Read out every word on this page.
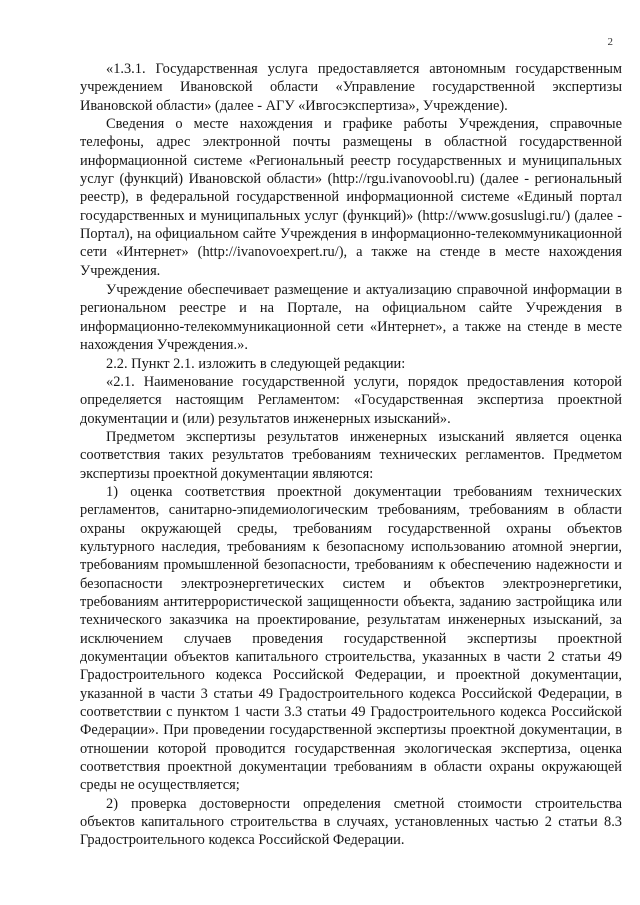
2

«1.3.1. Государственная услуга предоставляется автономным государственным учреждением Ивановской области «Управление государственной экспертизы Ивановской области» (далее - АГУ «Ивгосэкспертиза», Учреждение).

Сведения о месте нахождения и графике работы Учреждения, справочные телефоны, адрес электронной почты размещены в областной государственной информационной системе «Региональный реестр государственных и муниципальных услуг (функций) Ивановской области» (http://rgu.ivanovoobl.ru) (далее - региональный реестр), в федеральной государственной информационной системе «Единый портал государственных и муниципальных услуг (функций)» (http://www.gosuslugi.ru/) (далее - Портал), на официальном сайте Учреждения в информационно-телекоммуникационной сети «Интернет» (http://ivanovoexpert.ru/), а также на стенде в месте нахождения Учреждения.

Учреждение обеспечивает размещение и актуализацию справочной информации в региональном реестре и на Портале, на официальном сайте Учреждения в информационно-телекоммуникационной сети «Интернет», а также на стенде в месте нахождения Учреждения.».

2.2. Пункт 2.1. изложить в следующей редакции:

«2.1. Наименование государственной услуги, порядок предоставления которой определяется настоящим Регламентом: «Государственная экспертиза проектной документации и (или) результатов инженерных изысканий».

Предметом экспертизы результатов инженерных изысканий является оценка соответствия таких результатов требованиям технических регламентов. Предметом экспертизы проектной документации являются:

1) оценка соответствия проектной документации требованиям технических регламентов, санитарно-эпидемиологическим требованиям, требованиям в области охраны окружающей среды, требованиям государственной охраны объектов культурного наследия, требованиям к безопасному использованию атомной энергии, требованиям промышленной безопасности, требованиям к обеспечению надежности и безопасности электроэнергетических систем и объектов электроэнергетики, требованиям антитеррористической защищенности объекта, заданию застройщика или технического заказчика на проектирование, результатам инженерных изысканий, за исключением случаев проведения государственной экспертизы проектной документации объектов капитального строительства, указанных в части 2 статьи 49 Градостроительного кодекса Российской Федерации, и проектной документации, указанной в части 3 статьи 49 Градостроительного кодекса Российской Федерации, в соответствии с пунктом 1 части 3.3 статьи 49 Градостроительного кодекса Российской Федерации». При проведении государственной экспертизы проектной документации, в отношении которой проводится государственная экологическая экспертиза, оценка соответствия проектной документации требованиям в области охраны окружающей среды не осуществляется;

2) проверка достоверности определения сметной стоимости строительства объектов капитального строительства в случаях, установленных частью 2 статьи 8.3 Градостроительного кодекса Российской Федерации.
